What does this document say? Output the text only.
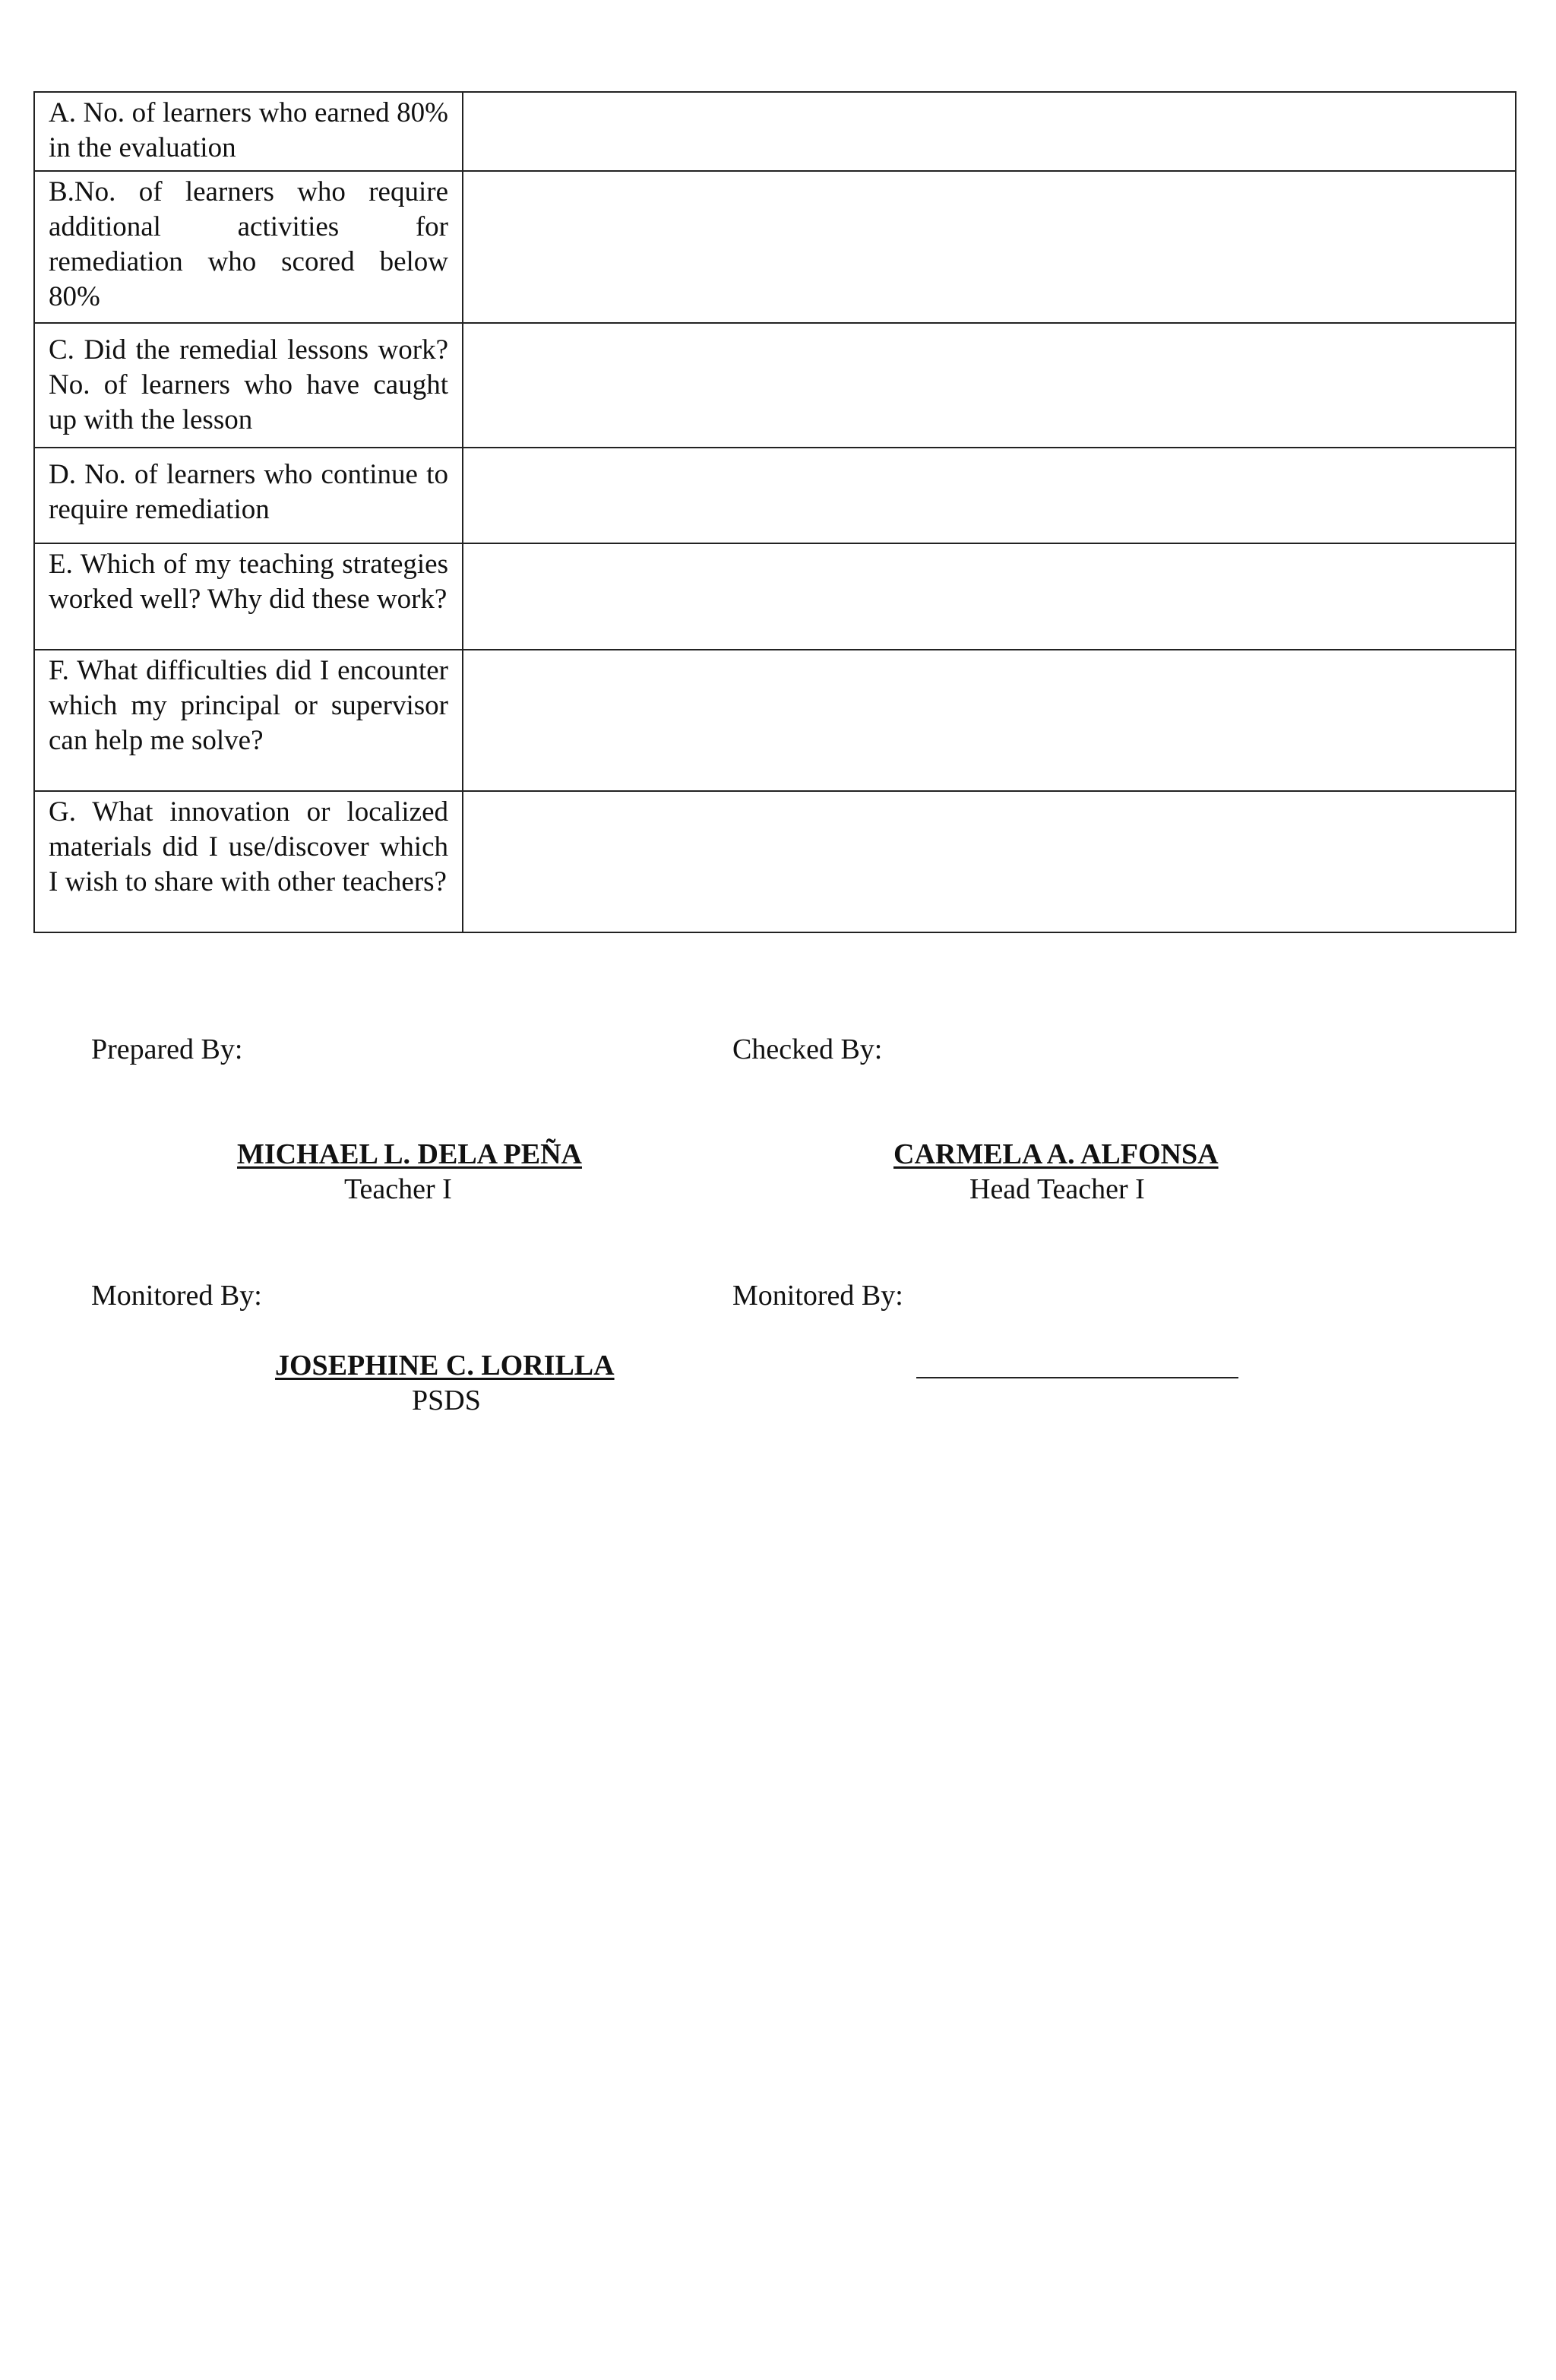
A. No. of learners who earned 80% in the evaluation	

B.No. of learners who require additional activities for remediation who scored below 80%	

C. Did the remedial lessons work? No. of learners who have caught up with the lesson	

D. No. of learners who continue to require remediation	

E. Which of my teaching strategies worked well? Why did these work?	

F. What difficulties did I encounter which my principal or supervisor can help me solve?	

G. What innovation or localized materials did I use/discover which I wish to share with other teachers?	

Prepared By:	Checked By:
MICHAEL L. DELA PEÑA
Teacher I
CARMELA A. ALFONSA
Head Teacher I
Monitored By:	Monitored By:
JOSEPHINE C. LORILLA
PSDS
